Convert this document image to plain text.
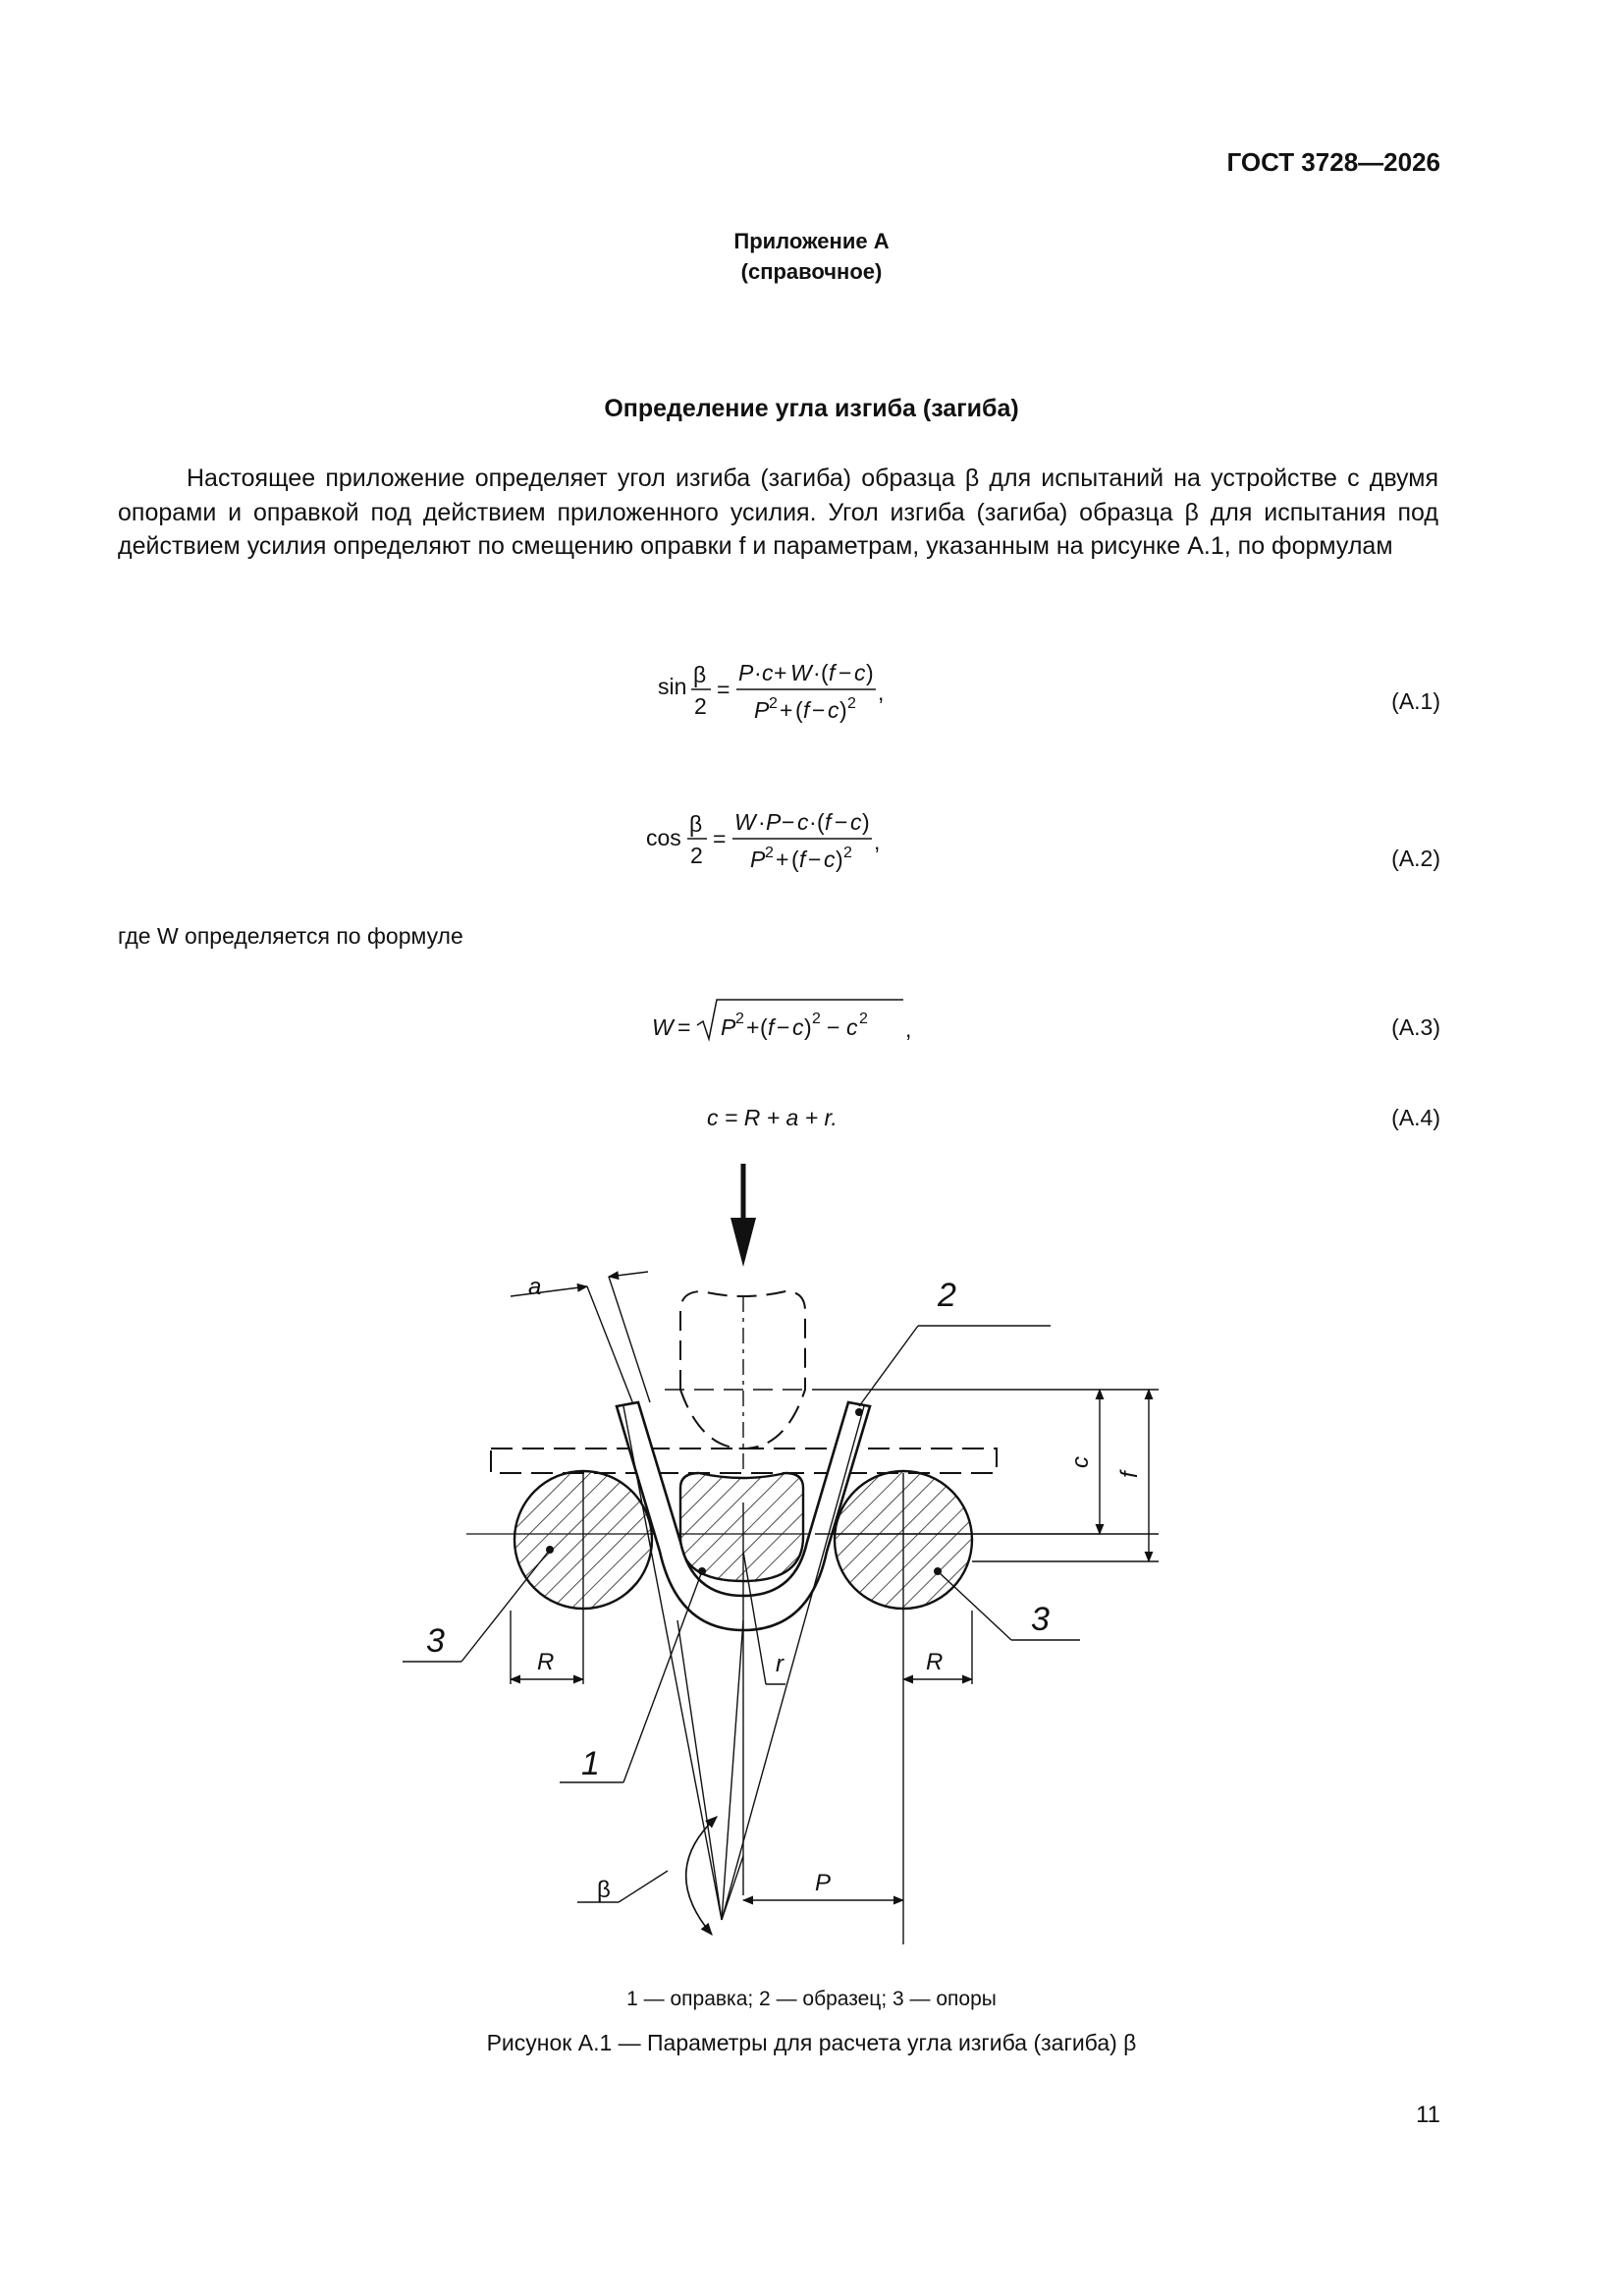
ГОСТ 3728—2026
Приложение А
(справочное)
Определение угла изгиба (загиба)
Настоящее приложение определяет угол изгиба (загиба) образца β для испытаний на устройстве с двумя опорами и оправкой под действием приложенного усилия. Угол изгиба (загиба) образца β для испытания под действием усилия определяют по смещению оправки f и параметрам, указанным на рисунке А.1, по формулам
sin β
2
=
P · c + W · ( f − c )
P 2 + ( f − c ) 2 ,	(А.1)
cos
β
2
=
W · P − c · ( f − c )
P 2 + ( f − c ) 2 ,
(А.2)
где W определяется по формуле
W = P 2 + ( f − c ) 2 − c 2 ,	(А.3)
c = R + a + r.	(А.4)
a	2
c
f
3
3
R	R
r
1
β	P
1 — оправка; 2 — образец; 3 — опоры
Рисунок А.1 — Параметры для расчета угла изгиба (загиба) β
11
